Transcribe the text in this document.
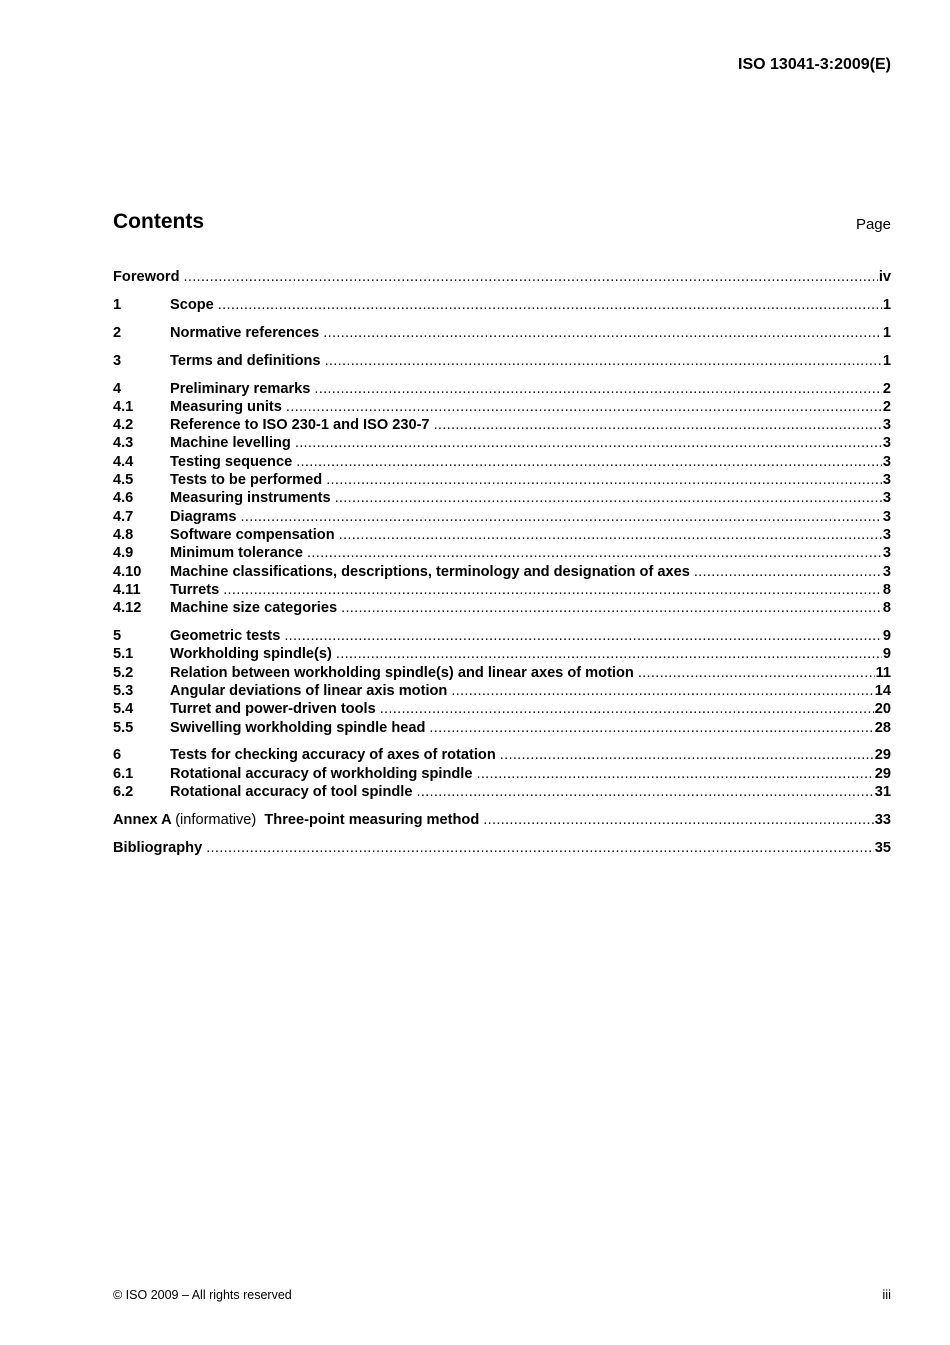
ISO 13041-3:2009(E)
Contents	Page
Foreword .....	iv
1	Scope .....	1
2	Normative references .....	1
3	Terms and definitions .....	1
4	Preliminary remarks .....	2
4.1	Measuring units .....	2
4.2	Reference to ISO 230-1 and ISO 230-7 .....	3
4.3	Machine levelling .....	3
4.4	Testing sequence .....	3
4.5	Tests to be performed .....	3
4.6	Measuring instruments .....	3
4.7	Diagrams .....	3
4.8	Software compensation .....	3
4.9	Minimum tolerance .....	3
4.10	Machine classifications, descriptions, terminology and designation of axes .....	3
4.11	Turrets .....	8
4.12	Machine size categories .....	8
5	Geometric tests .....	9
5.1	Workholding spindle(s) .....	9
5.2	Relation between workholding spindle(s) and linear axes of motion .....	11
5.3	Angular deviations of linear axis motion .....	14
5.4	Turret and power-driven tools .....	20
5.5	Swivelling workholding spindle head .....	28
6	Tests for checking accuracy of axes of rotation .....	29
6.1	Rotational accuracy of workholding spindle .....	29
6.2	Rotational accuracy of tool spindle .....	31
Annex A (informative) Three-point measuring method .....	33
Bibliography .....	35
© ISO 2009 – All rights reserved	iii
